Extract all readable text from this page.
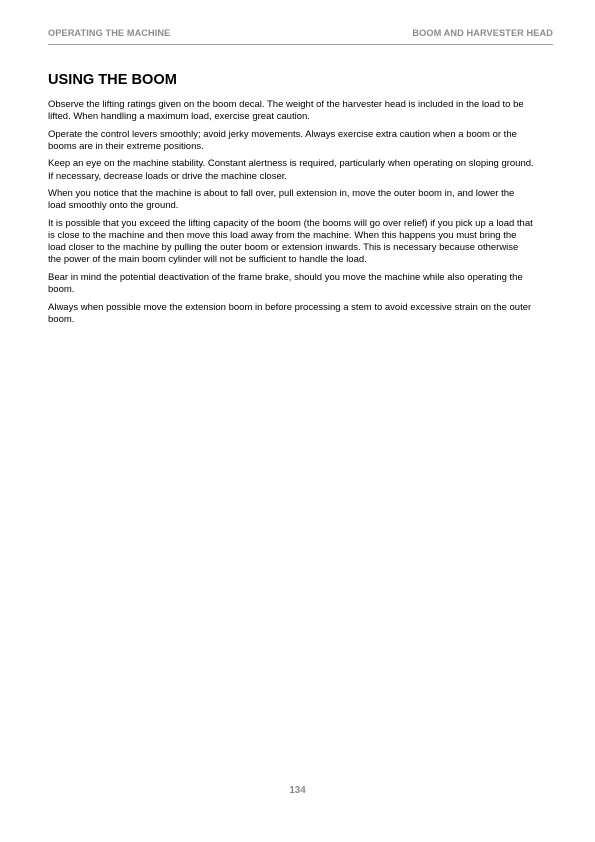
OPERATING THE MACHINE	BOOM AND HARVESTER HEAD
USING THE BOOM

Observe the lifting ratings given on the boom decal. The weight of the harvester head is included in the load to be lifted. When handling a maximum load, exercise great caution.

Operate the control levers smoothly; avoid jerky movements. Always exercise extra caution when a boom or the booms are in their extreme positions.

Keep an eye on the machine stability. Constant alertness is required, particularly when operating on sloping ground. If necessary, decrease loads or drive the machine closer.

When you notice that the machine is about to fall over, pull extension in, move the outer boom in, and lower the load smoothly onto the ground.

It is possible that you exceed the lifting capacity of the boom (the booms will go over relief) if you pick up a load that is close to the machine and then move this load away from the machine. When this happens you must bring the load closer to the machine by pulling the outer boom or extension inwards. This is necessary because otherwise the power of the main boom cylinder will not be sufficient to handle the load.

Bear in mind the potential deactivation of the frame brake, should you move the machine while also operating the boom.

Always when possible move the extension boom in before processing a stem to avoid excessive strain on the outer boom.

134
